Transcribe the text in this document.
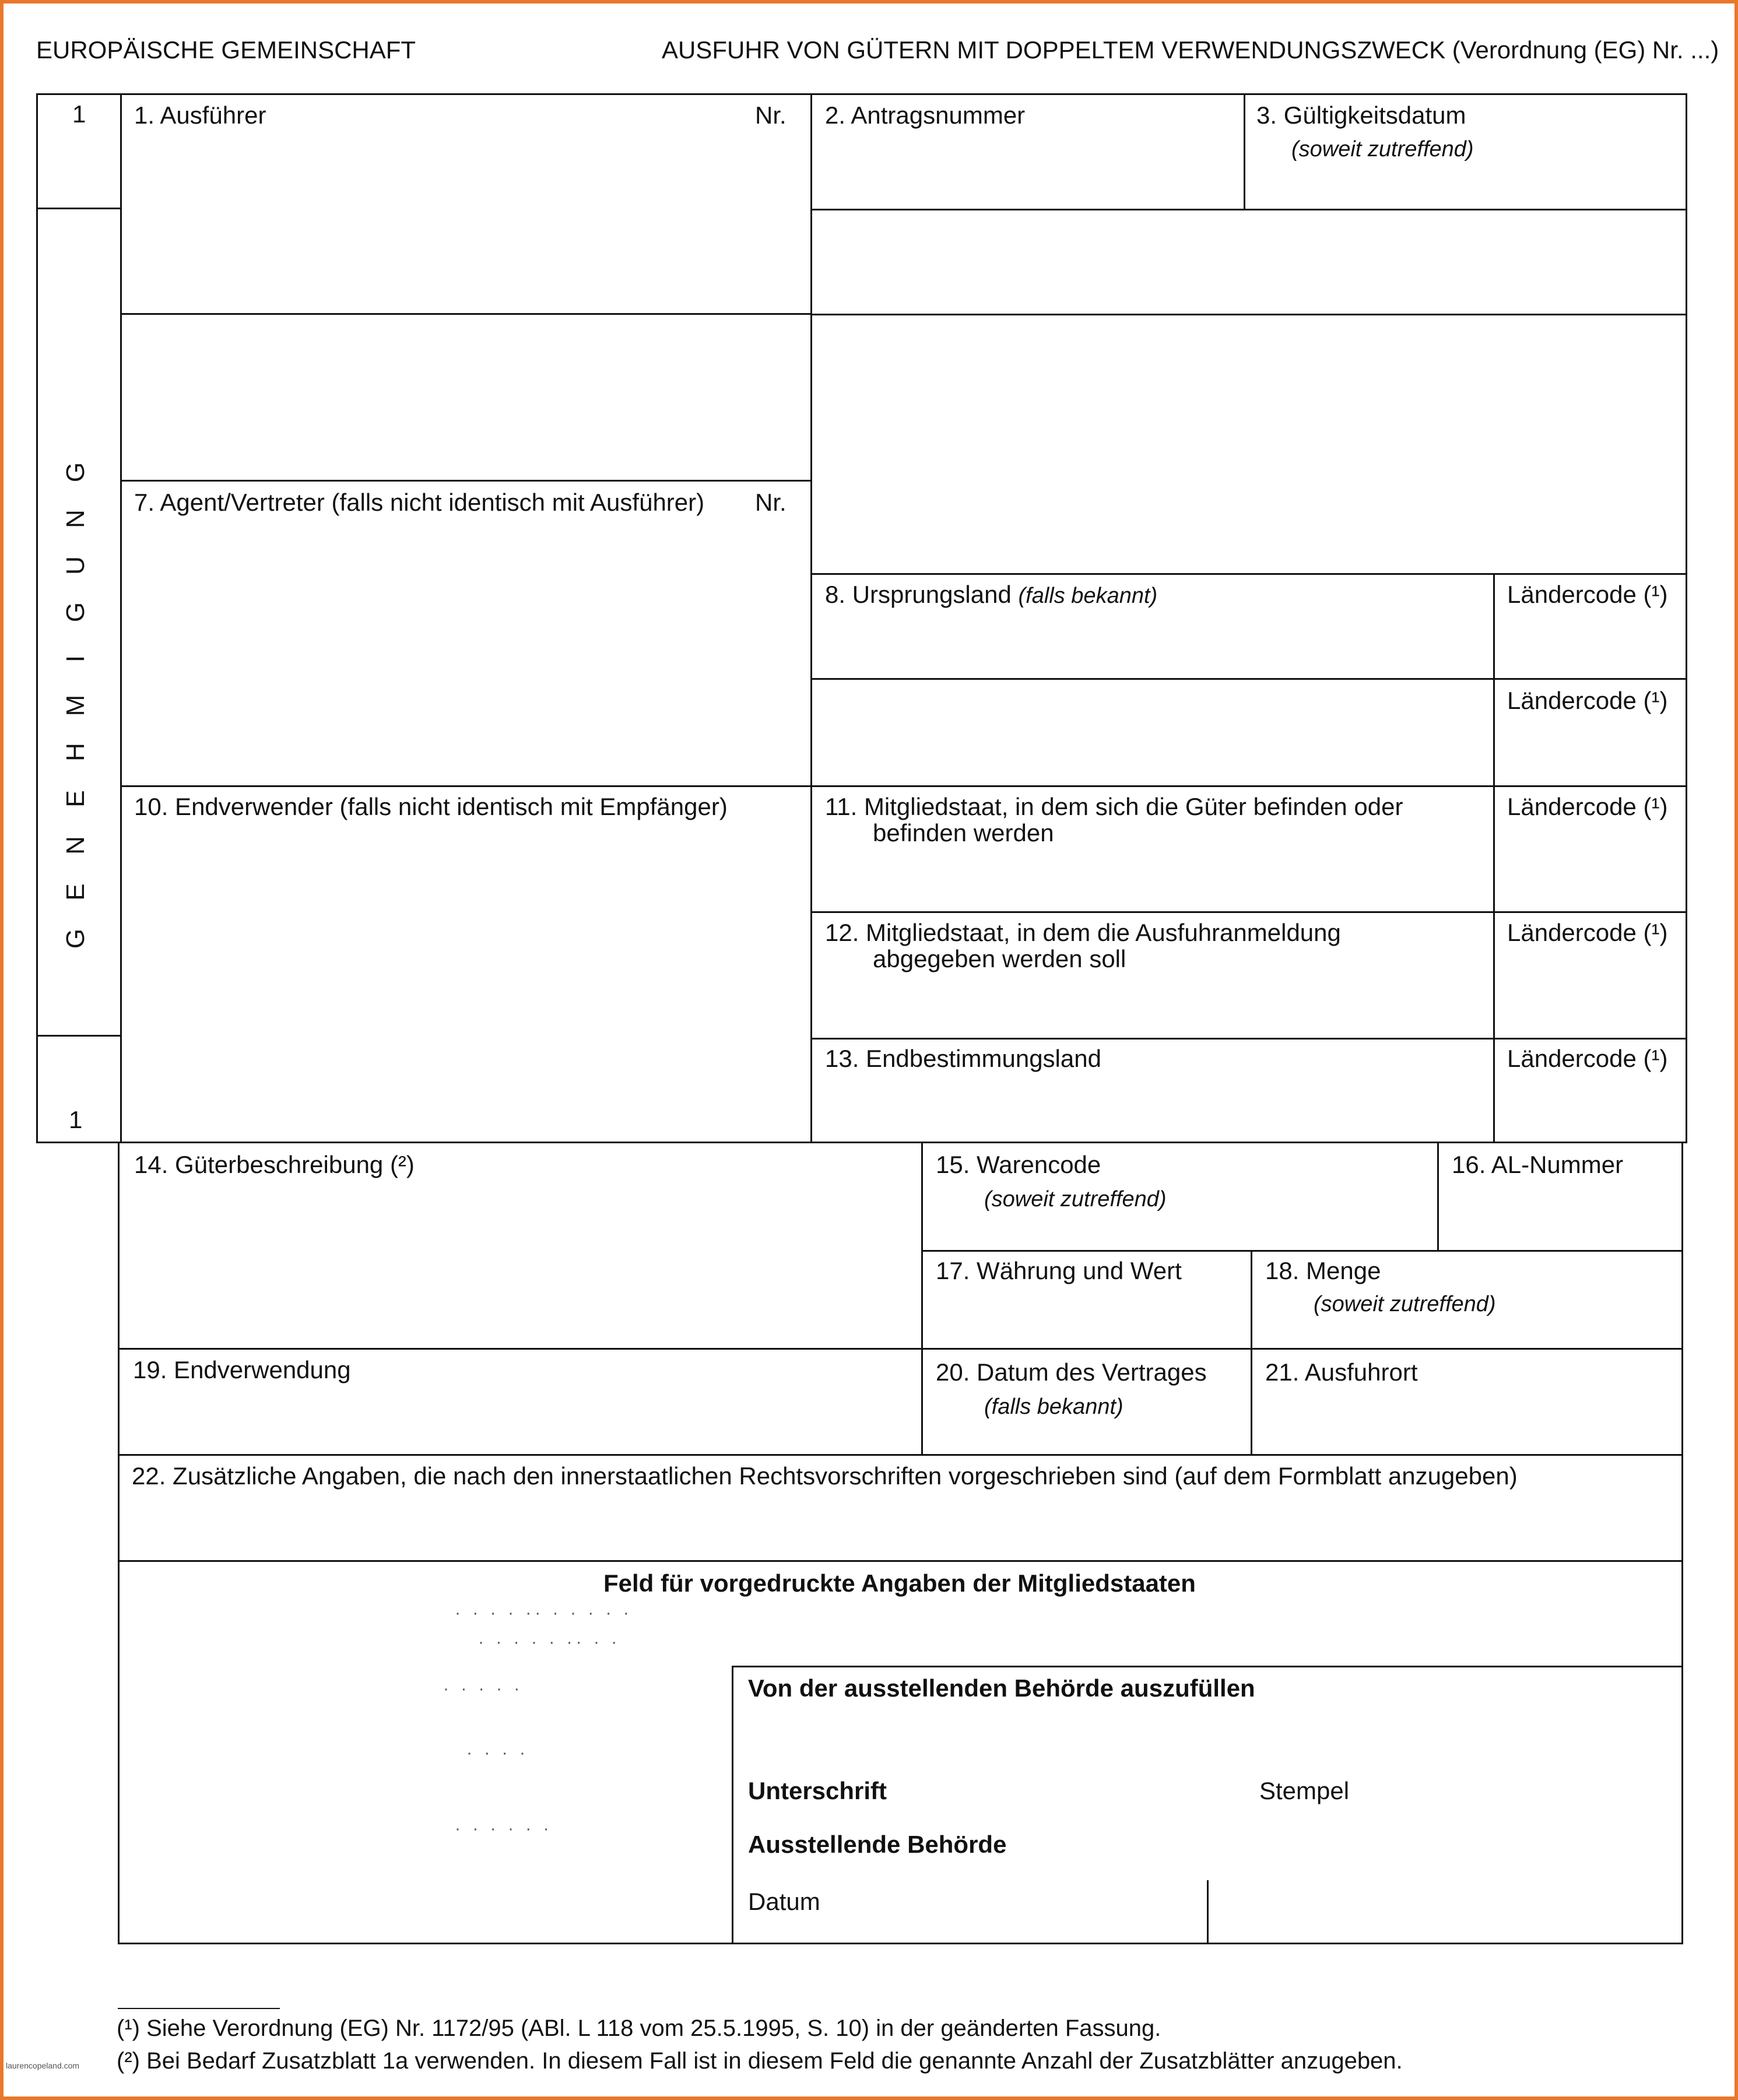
EUROPÄISCHE GEMEINSCHAFT	AUSFUHR VON GÜTERN MIT DOPPELTEM VERWENDUNGSZWECK (Verordnung (EG) Nr. ...)
1
1
G
N
U
G
I
M
H
E
N
E
G
1. Ausführer	Nr. 2. Antragsnummer	3. Gültigkeitsdatum
(soweit zutreffend)
7. Agent/Vertreter (falls nicht identisch mit Ausführer) Nr.
8. Ursprungsland (falls bekannt)	Ländercode (¹)
Ländercode (¹)
10. Endverwender (falls nicht identisch mit Empfänger)	11. Mitgliedstaat, in dem sich die Güter befinden oder
befinden werden
Ländercode (¹)
12. Mitgliedstaat, in dem die Ausfuhranmeldung
abgegeben werden soll
Ländercode (¹)
13. Endbestimmungsland	Ländercode (¹)
14. Güterbeschreibung (²)	15. Warencode
(soweit zutreffend)
16. AL-Nummer
17. Währung und Wert	18. Menge
(soweit zutreffend)
19. Endverwendung	20. Datum des Vertrages
(falls bekannt)
21. Ausfuhrort
22. Zusätzliche Angaben, die nach den innerstaatlichen Rechtsvorschriften vorgeschrieben sind (auf dem Formblatt anzugeben)
Feld für vorgedruckte Angaben der Mitgliedstaaten
Von der ausstellenden Behörde auszufüllen
Unterschrift	Stempel
Ausstellende Behörde
Datum
· · · · ·· · · · · ·
· · · · · ·· · ·
· · · · ·
· · · ·
· · · · · ·
(¹) Siehe Verordnung (EG) Nr. 1172/95 (ABl. L 118 vom 25.5.1995, S. 10) in der geänderten Fassung.
(²) Bei Bedarf Zusatzblatt 1a verwenden. In diesem Fall ist in diesem Feld die genannte Anzahl der Zusatzblätter anzugeben.
laurencopeland.com
